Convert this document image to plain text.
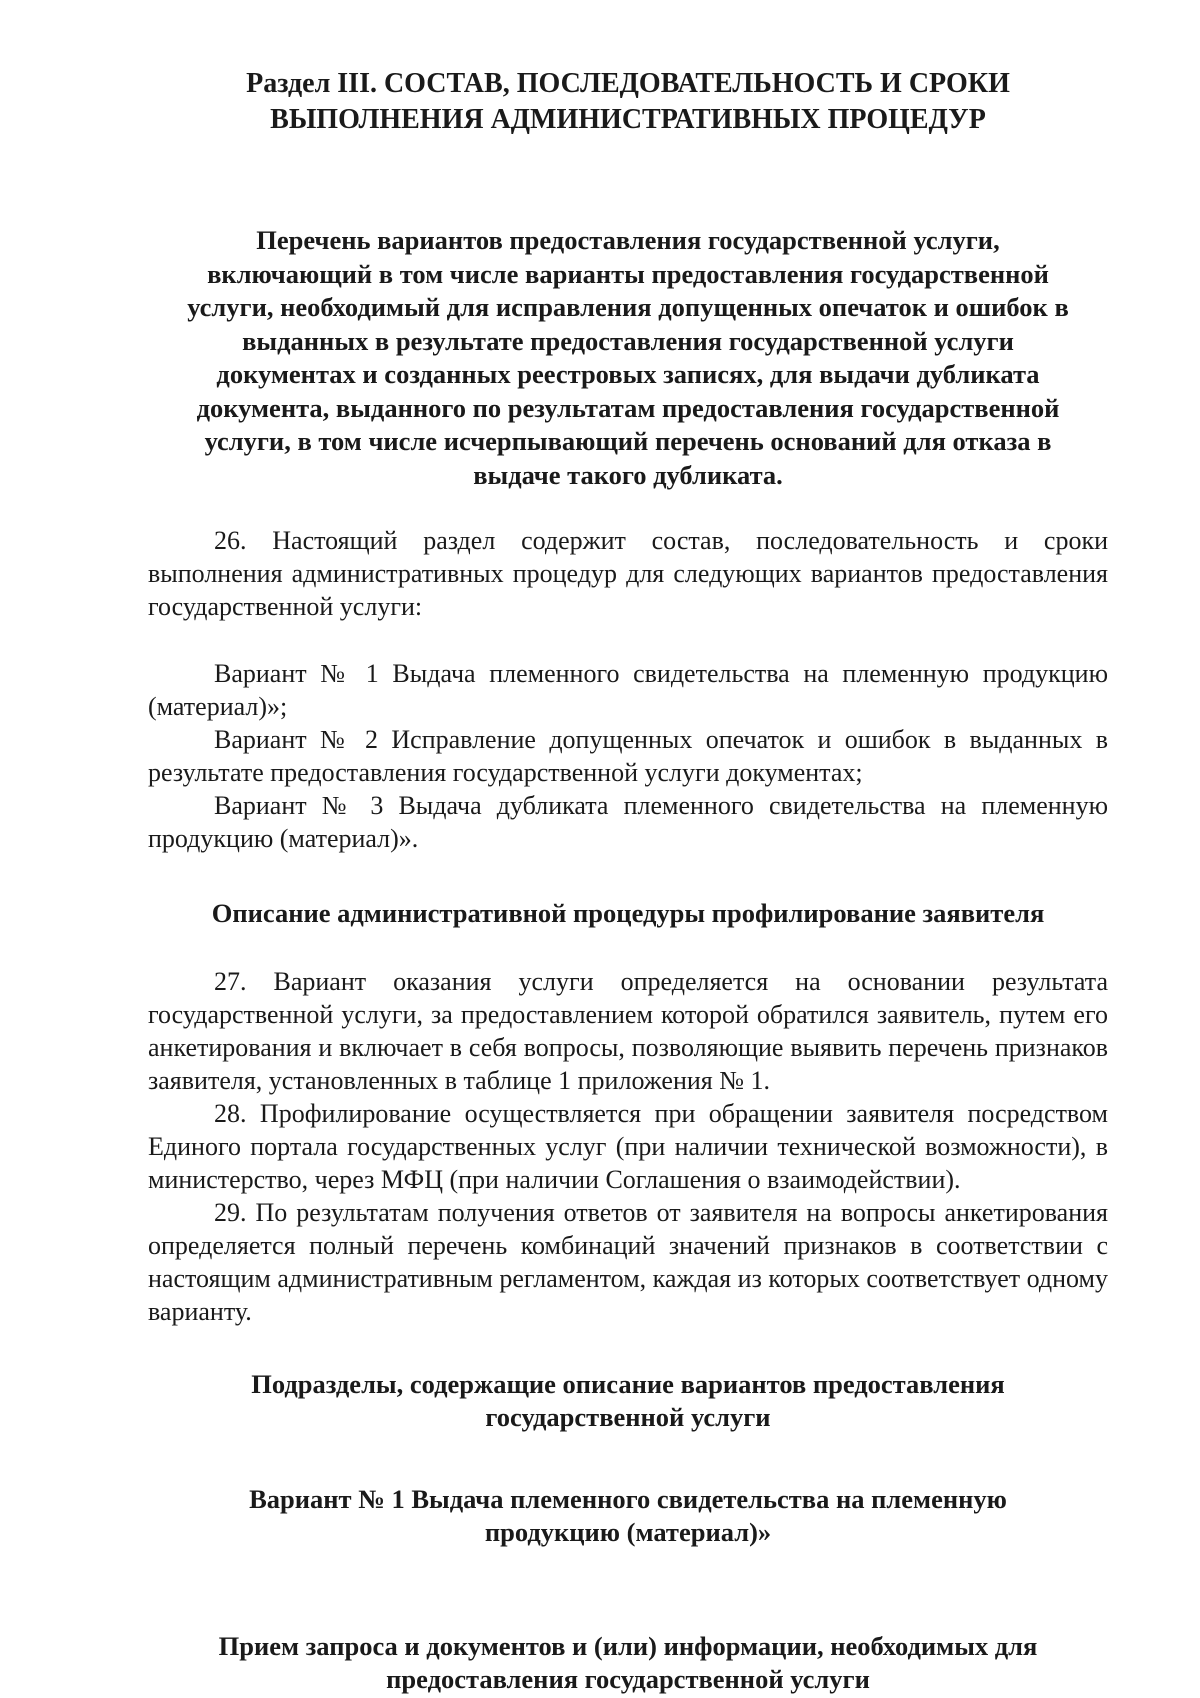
Раздел III. СОСТАВ, ПОСЛЕДОВАТЕЛЬНОСТЬ И СРОКИ
ВЫПОЛНЕНИЯ АДМИНИСТРАТИВНЫХ ПРОЦЕДУР
Перечень вариантов предоставления государственной услуги,
включающий в том числе варианты предоставления государственной
услуги, необходимый для исправления допущенных опечаток и ошибок в
выданных в результате предоставления государственной услуги
документах и созданных реестровых записях, для выдачи дубликата
документа, выданного по результатам предоставления государственной
услуги, в том числе исчерпывающий перечень оснований для отказа в
выдаче такого дубликата.

26. Настоящий раздел содержит состав, последовательность и сроки выполнения административных процедур для следующих вариантов предоставления государственной услуги:

Вариант № 1 Выдача племенного свидетельства на племенную продукцию (материал)»;

Вариант № 2 Исправление допущенных опечаток и ошибок в выданных в результате предоставления государственной услуги документах;

Вариант № 3 Выдача дубликата племенного свидетельства на племенную продукцию (материал)».

Описание административной процедуры профилирование заявителя

27. Вариант оказания услуги определяется на основании результата государственной услуги, за предоставлением которой обратился заявитель, путем его анкетирования и включает в себя вопросы, позволяющие выявить перечень признаков заявителя, установленных в таблице 1 приложения № 1.

28. Профилирование осуществляется при обращении заявителя посредством Единого портала государственных услуг (при наличии технической возможности), в министерство, через МФЦ (при наличии Соглашения о взаимодействии).

29. По результатам получения ответов от заявителя на вопросы анкетирования определяется полный перечень комбинаций значений признаков в соответствии с настоящим административным регламентом, каждая из которых соответствует одному варианту.

Подразделы, содержащие описание вариантов предоставления
государственной услуги
Вариант № 1 Выдача племенного свидетельства на племенную
продукцию (материал)»
Прием запроса и документов и (или) информации, необходимых для
предоставления государственной услуги
